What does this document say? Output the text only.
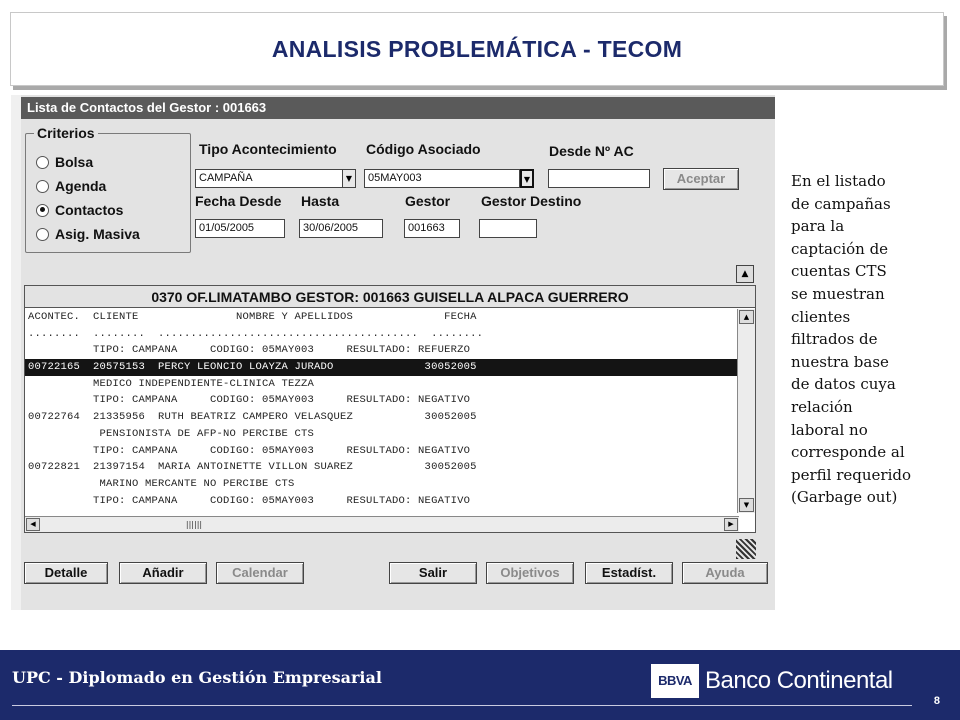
ANALISIS PROBLEMÁTICA - TECOM
Lista de Contactos del Gestor : 001663
Criterios
Bolsa
Agenda
Contactos
Asig. Masiva
Tipo Acontecimiento
CAMPAÑA	▼
Código Asociado
05MAY003	▼
Desde Nº AC
Aceptar
Fecha Desde
01/05/2005
Hasta
30/06/2005
Gestor
001663
Gestor Destino
▲
0370 OF.LIMATAMBO GESTOR: 001663 GUISELLA ALPACA GUERRERO
ACONTEC.  CLIENTE               NOMBRE Y APELLIDOS              FECHA
........  ........  ........................................  ........
TIPO: CAMPANA     CODIGO: 05MAY003     RESULTADO: REFUERZO
00722165  20575153  PERCY LEONCIO LOAYZA JURADO              30052005
MEDICO INDEPENDIENTE-CLINICA TEZZA
TIPO: CAMPANA     CODIGO: 05MAY003     RESULTADO: NEGATIVO
00722764  21335956  RUTH BEATRIZ CAMPERO VELASQUEZ           30052005
PENSIONISTA DE AFP-NO PERCIBE CTS
TIPO: CAMPANA     CODIGO: 05MAY003     RESULTADO: NEGATIVO
00722821  21397154  MARIA ANTOINETTE VILLON SUAREZ           30052005
MARINO MERCANTE NO PERCIBE CTS
TIPO: CAMPANA     CODIGO: 05MAY003     RESULTADO: NEGATIVO
▲
▼
◀	||||||	▶
Detalle	Añadir	Calendar	Salir	Objetivos	Estadíst.	Ayuda
En el listado
de campañas
para la
captación de
cuentas CTS
se muestran
clientes
filtrados de
nuestra base
de datos cuya
relación
laboral no
corresponde al
perfil requerido
(Garbage out)
UPC - Diplomado en Gestión Empresarial	BBVA Banco Continental
8
